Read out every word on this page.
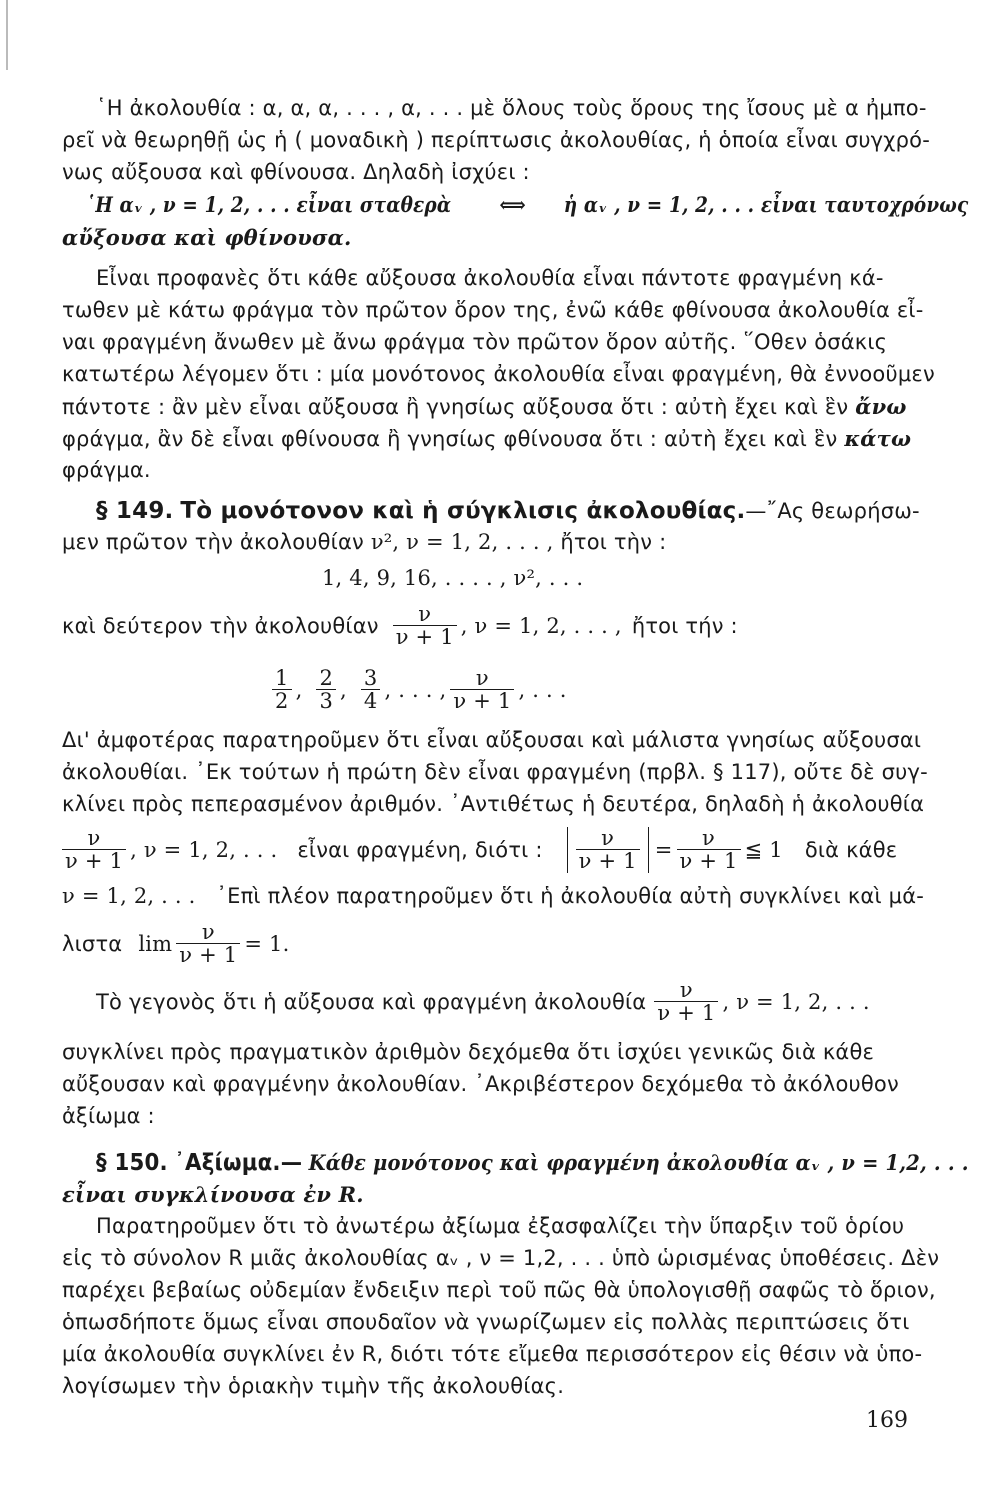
῾Η ἀκολουθία : α, α, α, . . . , α, . . . μὲ ὅλους τοὺς ὅρους της ἴσους μὲ α ἠμπο-
ρεῖ νὰ θεωρηθῇ ὡς ἡ ( μοναδικὴ ) περίπτωσις ἀκολουθίας, ἡ ὁποία εἶναι συγχρό-
νως αὔξουσα καὶ φθίνουσα. Δηλαδὴ ἰσχύει :
῾Η αᵥ , ν = 1, 2, . . . εἶναι σταθερὰ ⟺ ἡ αᵥ , ν = 1, 2, . . . εἶναι ταυτοχρόνως
αὔξουσα καὶ φθίνουσα.
Εἶναι προφανὲς ὅτι κάθε αὔξουσα ἀκολουθία εἶναι πάντοτε φραγμένη κά-
τωθεν μὲ κάτω φράγμα τὸν πρῶτον ὅρον της, ἐνῶ κάθε φθίνουσα ἀκολουθία εἶ-
ναι φραγμένη ἄνωθεν μὲ ἄνω φράγμα τὸν πρῶτον ὅρον αὐτῆς. ῞Οθεν ὁσάκις
κατωτέρω λέγομεν ὅτι : μία μονότονος ἀκολουθία εἶναι φραγμένη, θὰ ἐννοοῦμεν
πάντοτε : ἂν μὲν εἶναι αὔξουσα ἢ γνησίως αὔξουσα ὅτι : αὐτὴ ἔχει καὶ ἓν ἄνω
φράγμα, ἂν δὲ εἶναι φθίνουσα ἢ γνησίως φθίνουσα ὅτι : αὐτὴ ἔχει καὶ ἓν κάτω
φράγμα.
§ 149. Τὸ μονότονον καὶ ἡ σύγκλισις ἀκολουθίας.—῎Ας θεωρήσω-
μεν πρῶτον τὴν ἀκολουθίαν ν², ν = 1, 2, . . . , ἤτοι τὴν :
1, 4, 9, 16, . . . . , ν², . . .
καὶ δεύτερον τὴν ἀκολουθίαν $\frac{\nu}{\nu + 1}$ , ν = 1, 2, . . . , ἤτοι τήν :
$\frac{1}{2}$ , $\frac{2}{3}$ , $\frac{3}{4}$ , . . . , $\frac{\nu}{\nu + 1}$ , . . .
Δι' ἀμφοτέρας παρατηροῦμεν ὅτι εἶναι αὔξουσαι καὶ μάλιστα γνησίως αὔξουσαι
ἀκολουθίαι. ᾿Εκ τούτων ἡ πρώτη δὲν εἶναι φραγμένη (πρβλ. § 117), οὔτε δὲ συγ-
κλίνει πρὸς πεπερασμένον ἀριθμόν. ᾿Αντιθέτως ἡ δευτέρα, δηλαδὴ ἡ ἀκολουθία
$\frac{\nu}{\nu + 1}$ , ν = 1, 2, . . . εἶναι φραγμένη, διότι : $\frac{\nu}{\nu + 1} = \frac{\nu}{\nu + 1}$ ≦ 1 διὰ κάθε
ν = 1, 2, . . . ᾿Επὶ πλέον παρατηροῦμεν ὅτι ἡ ἀκολουθία αὐτὴ συγκλίνει καὶ μά-
λιστα $\lim \frac{\nu}{\nu + 1} = 1$.
Τὸ γεγονὸς ὅτι ἡ αὔξουσα καὶ φραγμένη ἀκολουθία $\frac{\nu}{\nu + 1}$ , ν = 1, 2, . . .
συγκλίνει πρὸς πραγματικὸν ἀριθμὸν δεχόμεθα ὅτι ἰσχύει γενικῶς διὰ κάθε
αὔξουσαν καὶ φραγμένην ἀκολουθίαν. ᾿Ακριβέστερον δεχόμεθα τὸ ἀκόλουθον
ἀξίωμα :
§ 150. ᾿Αξίωμα.— Κάθε μονότονος καὶ φραγμένη ἀκολουθία αᵥ , ν = 1,2, . . .
εἶναι συγκλίνουσα ἐν R.
Παρατηροῦμεν ὅτι τὸ ἀνωτέρω ἀξίωμα ἐξασφαλίζει τὴν ὕπαρξιν τοῦ ὁρίου
εἰς τὸ σύνολον R μιᾶς ἀκολουθίας αᵥ , ν = 1,2, . . . ὑπὸ ὡρισμένας ὑποθέσεις. Δὲν
παρέχει βεβαίως οὐδεμίαν ἔνδειξιν περὶ τοῦ πῶς θὰ ὑπολογισθῇ σαφῶς τὸ ὅριον,
ὁπωσδήποτε ὅμως εἶναι σπουδαῖον νὰ γνωρίζωμεν εἰς πολλὰς περιπτώσεις ὅτι
μία ἀκολουθία συγκλίνει ἐν R, διότι τότε εἴμεθα περισσότερον εἰς θέσιν νὰ ὑπο-
λογίσωμεν τὴν ὁριακὴν τιμὴν τῆς ἀκολουθίας.
169
